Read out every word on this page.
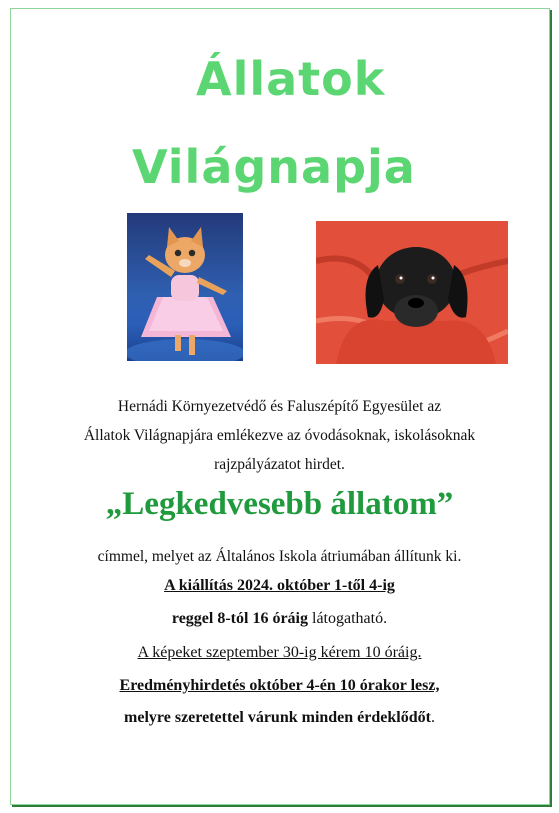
Állatok
Világnapja
Hernádi Környezetvédő és Faluszépítő Egyesület az
Állatok Világnapjára emlékezve az óvodásoknak, iskolásoknak
rajzpályázatot hirdet.
„Legkedvesebb állatom”
címmel, melyet az Általános Iskola átriumában állítunk ki.
A kiállítás 2024. október 1-től 4-ig
reggel 8-tól 16 óráig látogatható.
A képeket szeptember 30-ig kérem 10 óráig.
Eredményhirdetés október 4-én 10 órakor lesz,
melyre szeretettel várunk minden érdeklődőt.
